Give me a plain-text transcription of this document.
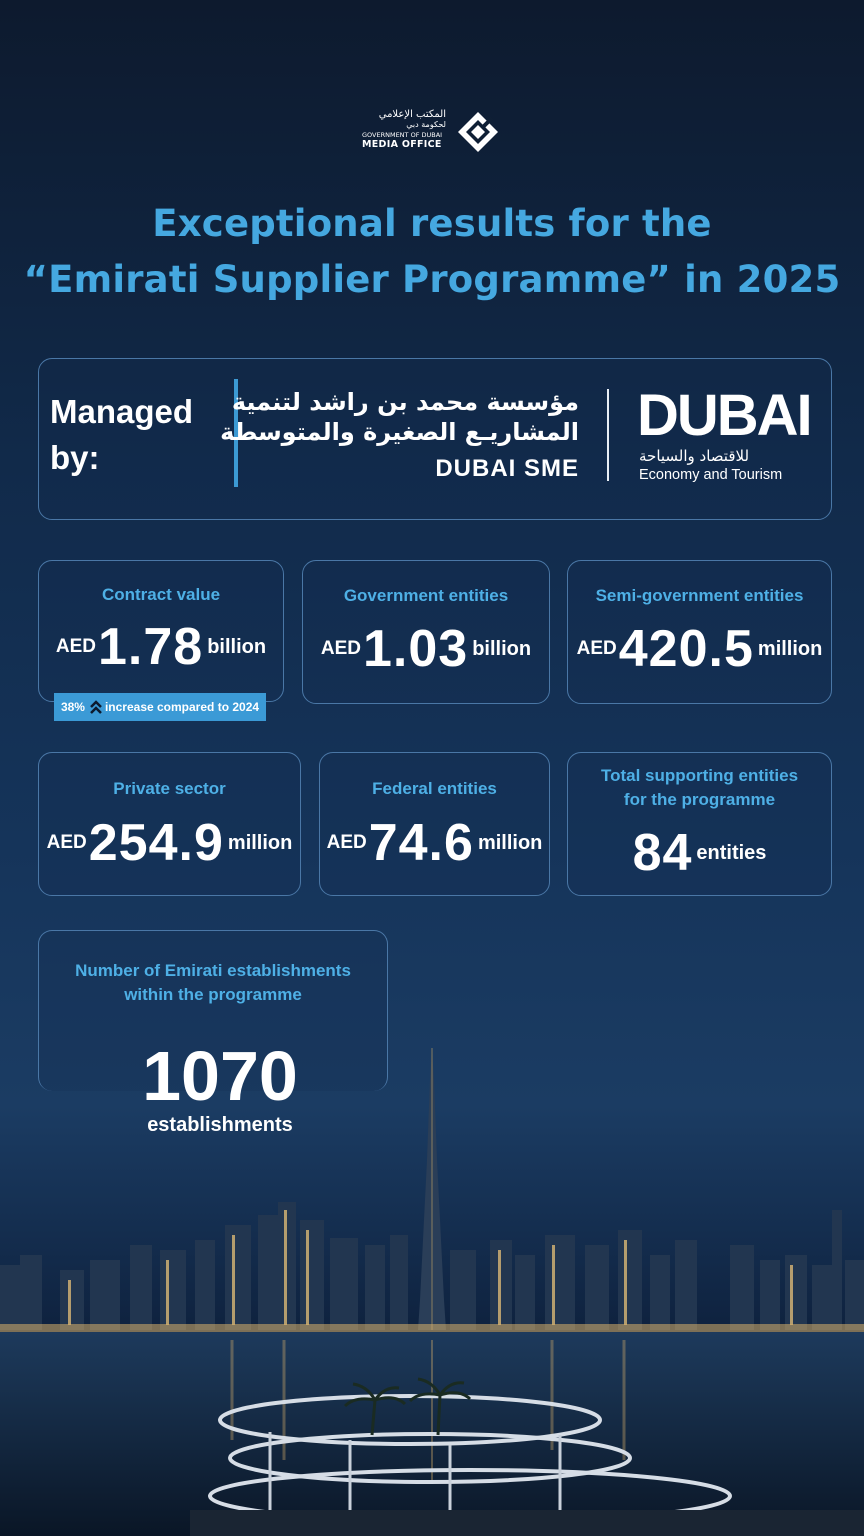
المكتب الإعلامي
لحكومة دبي
GOVERNMENT OF DUBAI
MEDIA OFFICE
Exceptional results for the
“Emirati Supplier Programme” in 2025
Managed
by:
مؤسسة محمد بن راشد لتنمية
المشاريـع الصغيرة والمتوسطة
DUBAI SME
DUBAI
للاقتصاد والسياحة
Economy and Tourism
Contract value
AED 1.78 billion
38% increase compared to 2024
Government entities
AED 1.03 billion
Semi-government entities
AED 420.5 million
Private sector
AED 254.9 million
Federal entities
AED 74.6 million
Total supporting entities
for the programme
84 entities
Number of Emirati establishments
within the programme
1070
establishments
